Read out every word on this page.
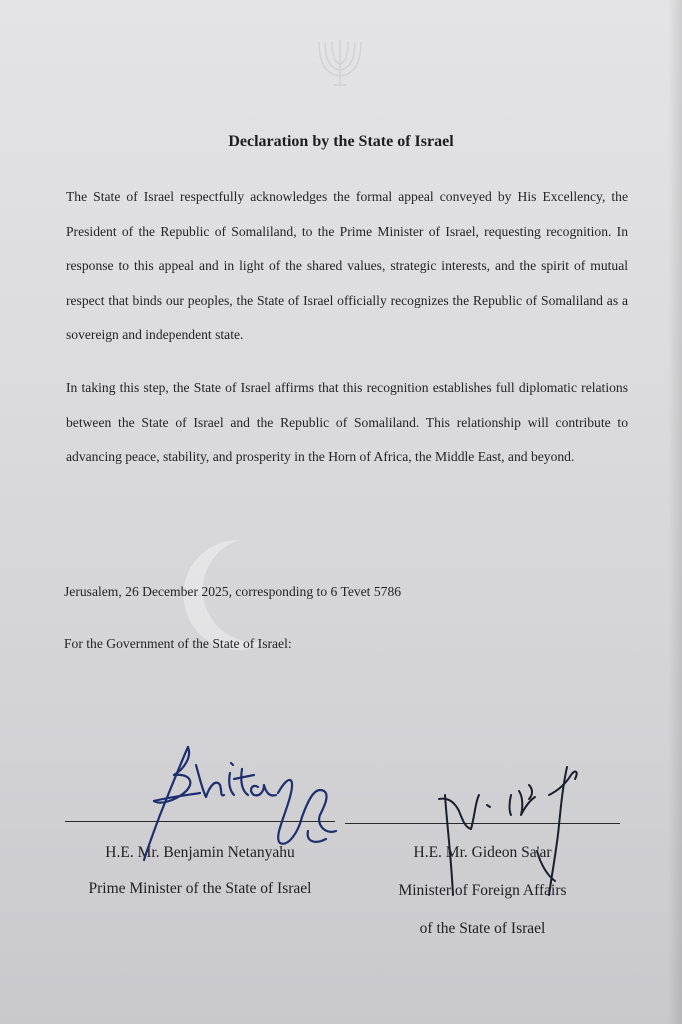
Declaration by the State of Israel

The State of Israel respectfully acknowledges the formal appeal conveyed by His Excellency, the President of the Republic of Somaliland, to the Prime Minister of Israel, requesting recognition. In response to this appeal and in light of the shared values, strategic interests, and the spirit of mutual respect that binds our peoples, the State of Israel officially recognizes the Republic of Somaliland as a sovereign and independent state.

In taking this step, the State of Israel affirms that this recognition establishes full diplomatic relations between the State of Israel and the Republic of Somaliland. This relationship will contribute to advancing peace, stability, and prosperity in the Horn of Africa, the Middle East, and beyond.

Jerusalem, 26 December 2025, corresponding to 6 Tevet 5786
For the Government of the State of Israel:
H.E. Mr. Benjamin Netanyahu
Prime Minister of the State of Israel
H.E. Mr. Gideon Sa'ar
Minister of Foreign Affairs
of the State of Israel
